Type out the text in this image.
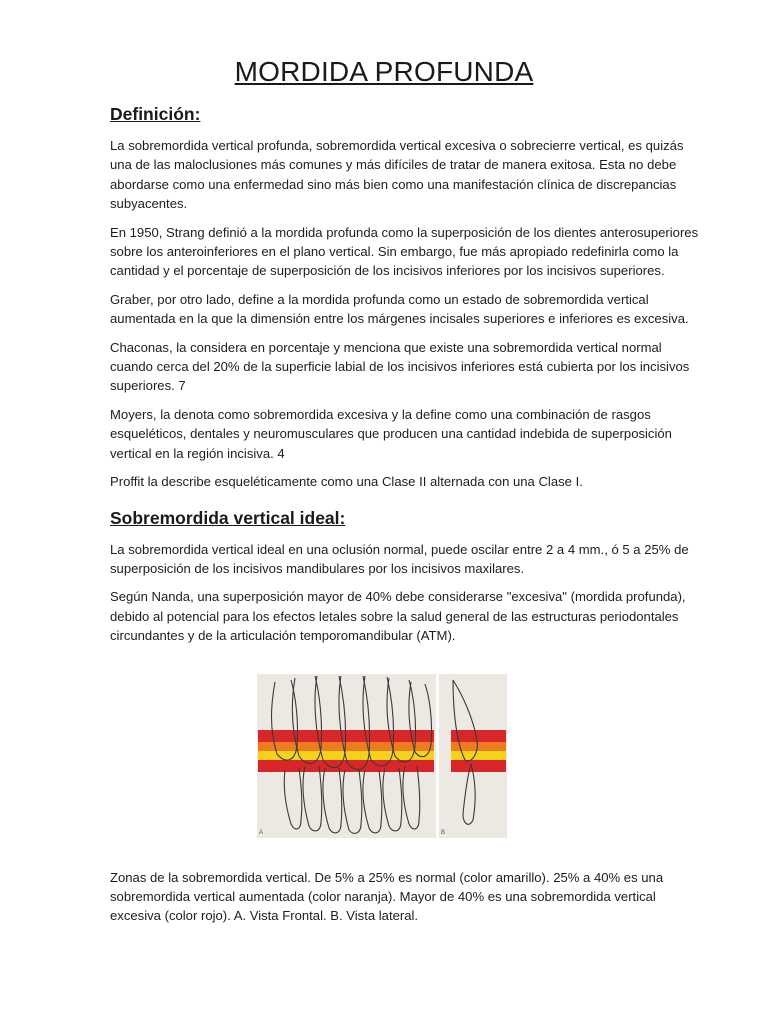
MORDIDA PROFUNDA
Definición:

La sobremordida vertical profunda, sobremordida vertical excesiva o sobrecierre vertical, es quizás una de las maloclusiones más comunes y más difíciles de tratar de manera exitosa. Esta no debe abordarse como una enfermedad sino más bien como una manifestación clínica de discrepancias subyacentes.

En 1950, Strang definió a la mordida profunda como la superposición de los dientes anterosuperiores sobre los anteroinferiores en el plano vertical. Sin embargo, fue más apropiado redefinirla como la cantidad y el porcentaje de superposición de los incisivos inferiores por los incisivos superiores.

Graber, por otro lado, define a la mordida profunda como un estado de sobremordida vertical aumentada en la que la dimensión entre los márgenes incisales superiores e inferiores es excesiva.

Chaconas, la considera en porcentaje y menciona que existe una sobremordida vertical normal cuando cerca del 20% de la superficie labial de los incisivos inferiores está cubierta por los incisivos superiores. 7

Moyers, la denota como sobremordida excesiva y la define como una combinación de rasgos esqueléticos, dentales y neuromusculares que producen una cantidad indebida de superposición vertical en la región incisiva. 4

Proffit la describe esqueléticamente como una Clase II alternada con una Clase I.

Sobremordida vertical ideal:

La sobremordida vertical ideal en una oclusión normal, puede oscilar entre 2 a 4 mm., ó 5 a 25% de superposición de los incisivos mandibulares por los incisivos maxilares.

Según Nanda, una superposición mayor de 40% debe considerarse "excesiva" (mordida profunda), debido al potencial para los efectos letales sobre la salud general de las estructuras periodontales circundantes y de la articulación temporomandibular (ATM).

A	B

Zonas de la sobremordida vertical. De 5% a 25% es normal (color amarillo). 25% a 40% es una sobremordida vertical aumentada (color naranja). Mayor de 40% es una sobremordida vertical excesiva (color rojo). A. Vista Frontal. B. Vista lateral.
